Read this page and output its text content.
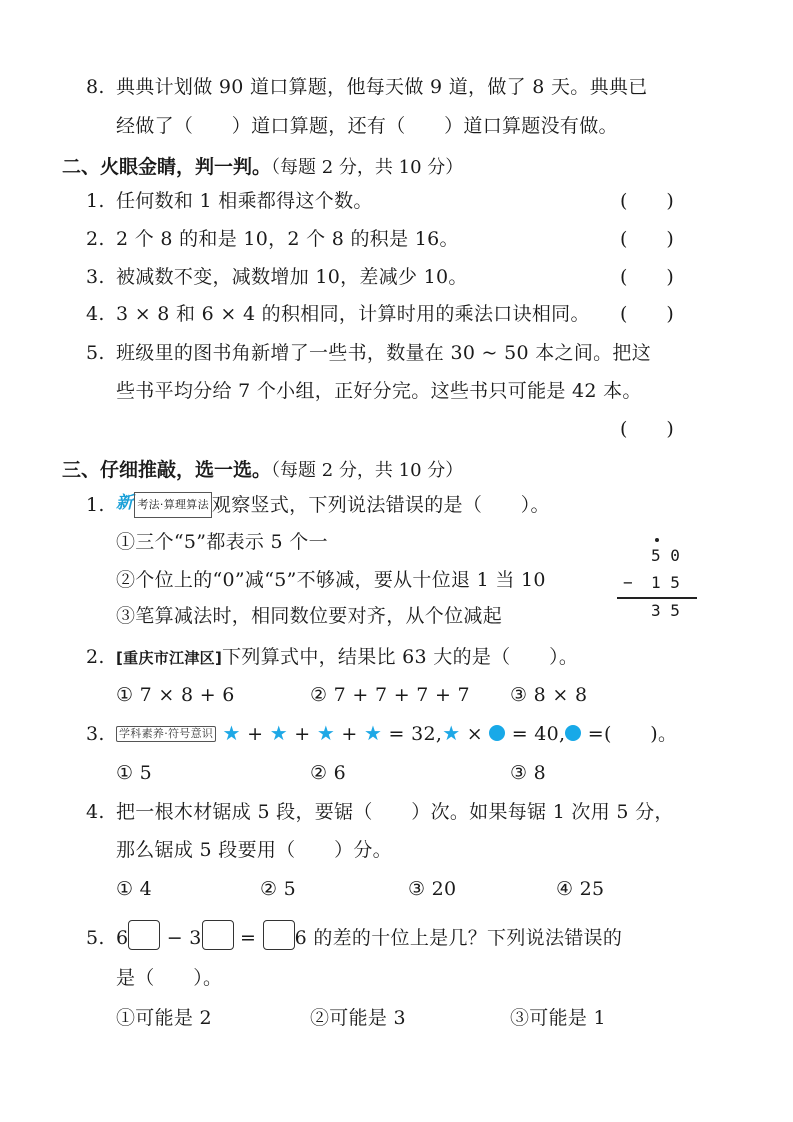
8. 典典计划做 90 道口算题，他每天做 9 道，做了 8 天。典典已
经做了（　　）道口算题，还有（　　）道口算题没有做。
二、火眼金睛，判一判。（每题 2 分，共 10 分）
1. 任何数和 1 相乘都得这个数。	(　　)
2. 2 个 8 的和是 10，2 个 8 的积是 16。	(　　)
3. 被减数不变，减数增加 10，差减少 10。	(　　)
4. 3 × 8 和 6 × 4 的积相同，计算时用的乘法口诀相同。 (　　)
5. 班级里的图书角新增了一些书，数量在 30 ~ 50 本之间。把这
些书平均分给 7 个小组，正好分完。这些书只可能是 42 本。
(　　)
三、仔细推敲，选一选。（每题 2 分，共 10 分）
1. 新 考法·算理算法 观察竖式，下列说法错误的是（　　）。
①三个“5”都表示 5 个一
②个位上的“0”减“5”不够减，要从十位退 1 当 10
③笔算减法时，相同数位要对齐，从个位减起
5 0
− 1 5
3 5
2. [重庆市江津区]下列算式中，结果比 63 大的是（　　）。
① 7 × 8 + 6	② 7 + 7 + 7 + 7 ③ 8 × 8
3. 学科素养·符号意识 ★ + ★ + ★ + ★ = 32,★ ×  = 40, =(　　)。
① 5	② 6	③ 8
4. 把一根木材锯成 5 段，要锯（　　）次。如果每锯 1 次用 5 分，
那么锯成 5 段要用（　　）分。
① 4	② 5	③ 20	④ 25
5. 6 − 3 = 6 的差的十位上是几？下列说法错误的
是（　　）。
①可能是 2	②可能是 3	③可能是 1
